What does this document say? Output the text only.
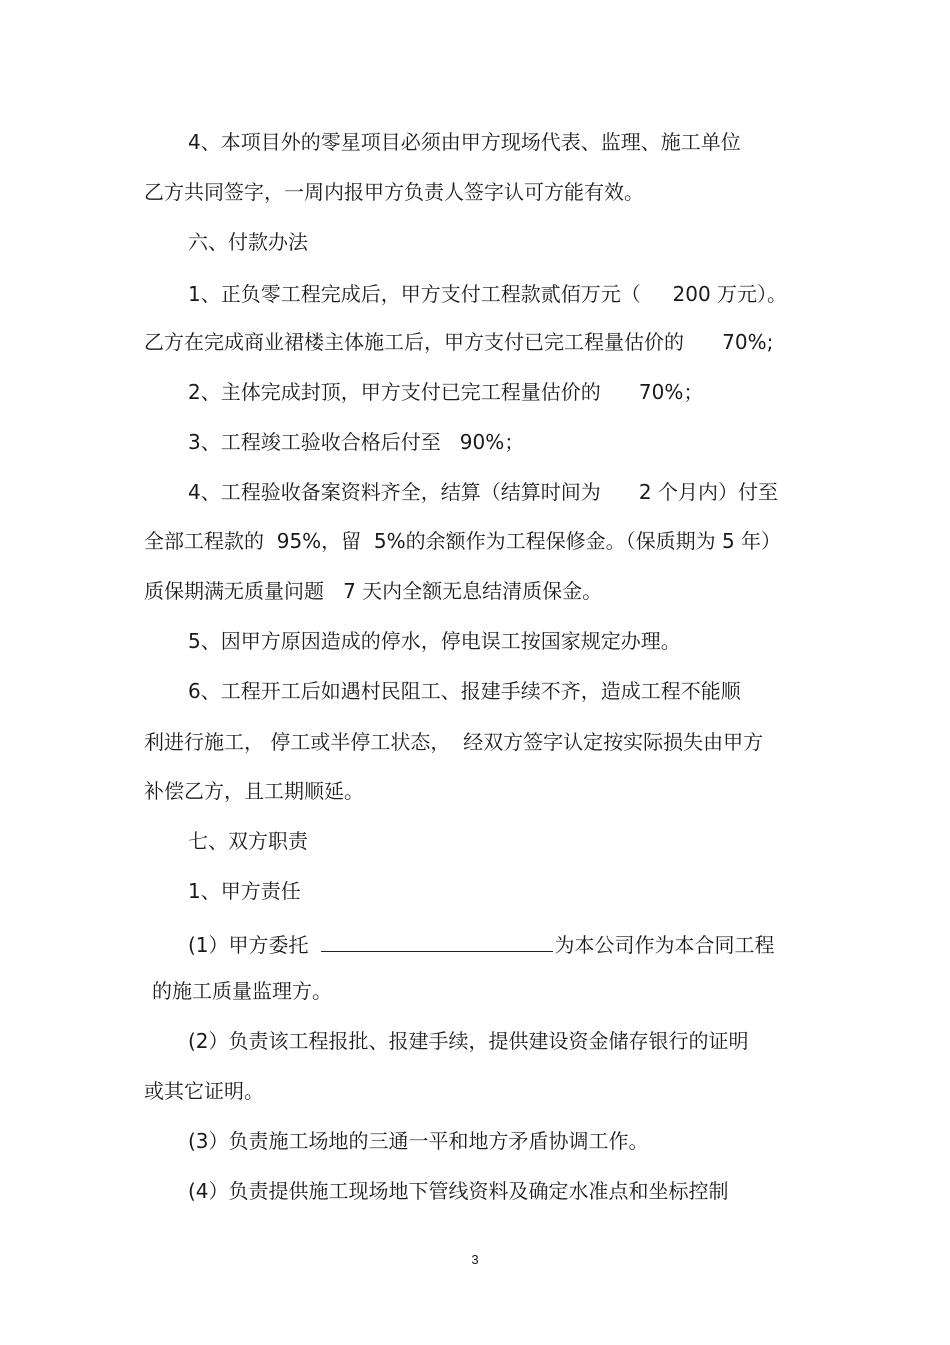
4、本项目外的零星项目必须由甲方现场代表、监理、施工单位
乙方共同签字，一周内报甲方负责人签字认可方能有效。
六、付款办法
1、正负零工程完成后，甲方支付工程款贰佰万元（     200 万元）。
乙方在完成商业裙楼主体施工后，甲方支付已完工程量估价的      70%;
2、主体完成封顶，甲方支付已完工程量估价的      70%；
3、工程竣工验收合格后付至   90%；
4、工程验收备案资料齐全，结算（结算时间为      2 个月内）付至
全部工程款的  95%，留  5%的余额作为工程保修金。（保质期为 5 年）
质保期满无质量问题   7 天内全额无息结清质保金。
5、因甲方原因造成的停水，停电误工按国家规定办理。
6、工程开工后如遇村民阻工、报建手续不齐，造成工程不能顺
利进行施工， 停工或半停工状态，  经双方签字认定按实际损失由甲方
补偿乙方，且工期顺延。
七、双方职责
1、甲方责任
(1）甲方委托	为本公司作为本合同工程
的施工质量监理方。
(2）负责该工程报批、报建手续，提供建设资金储存银行的证明
或其它证明。
(3）负责施工场地的三通一平和地方矛盾协调工作。
(4）负责提供施工现场地下管线资料及确定水准点和坐标控制
3
